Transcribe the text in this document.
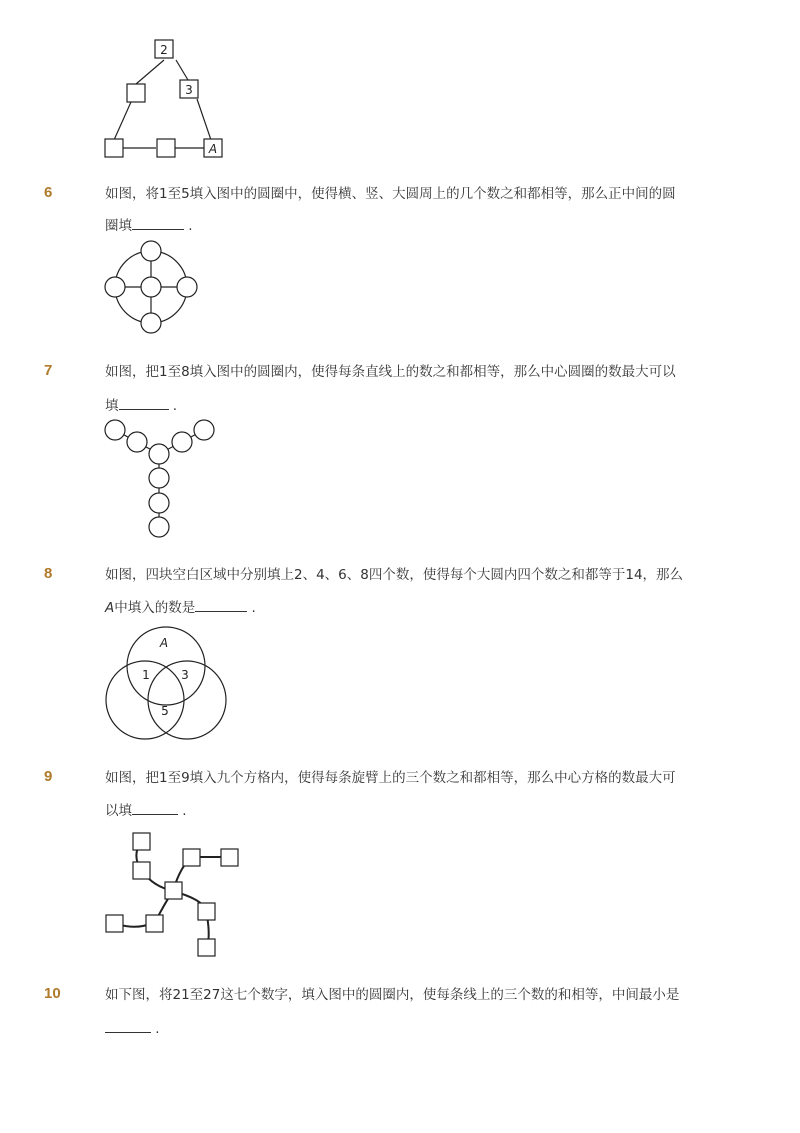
2
3
A
6	如图，将1至5填入图中的圆圈中，使得横、竖、大圆周上的几个数之和都相等，那么正中间的圆
圈填	.
7	如图，把1至8填入图中的圆圈内，使得每条直线上的数之和都相等，那么中心圆圈的数最大可以
填	.
8	如图，四块空白区域中分别填上2、4、6、8四个数，使得每个大圆内四个数之和都等于14，那么
A中填入的数是	.
A
1	3
5
9	如图，把1至9填入九个方格内，使得每条旋臂上的三个数之和都相等，那么中心方格的数最大可
以填	.
10	如下图，将21至27这七个数字，填入图中的圆圈内，使每条线上的三个数的和相等，中间最小是
.
